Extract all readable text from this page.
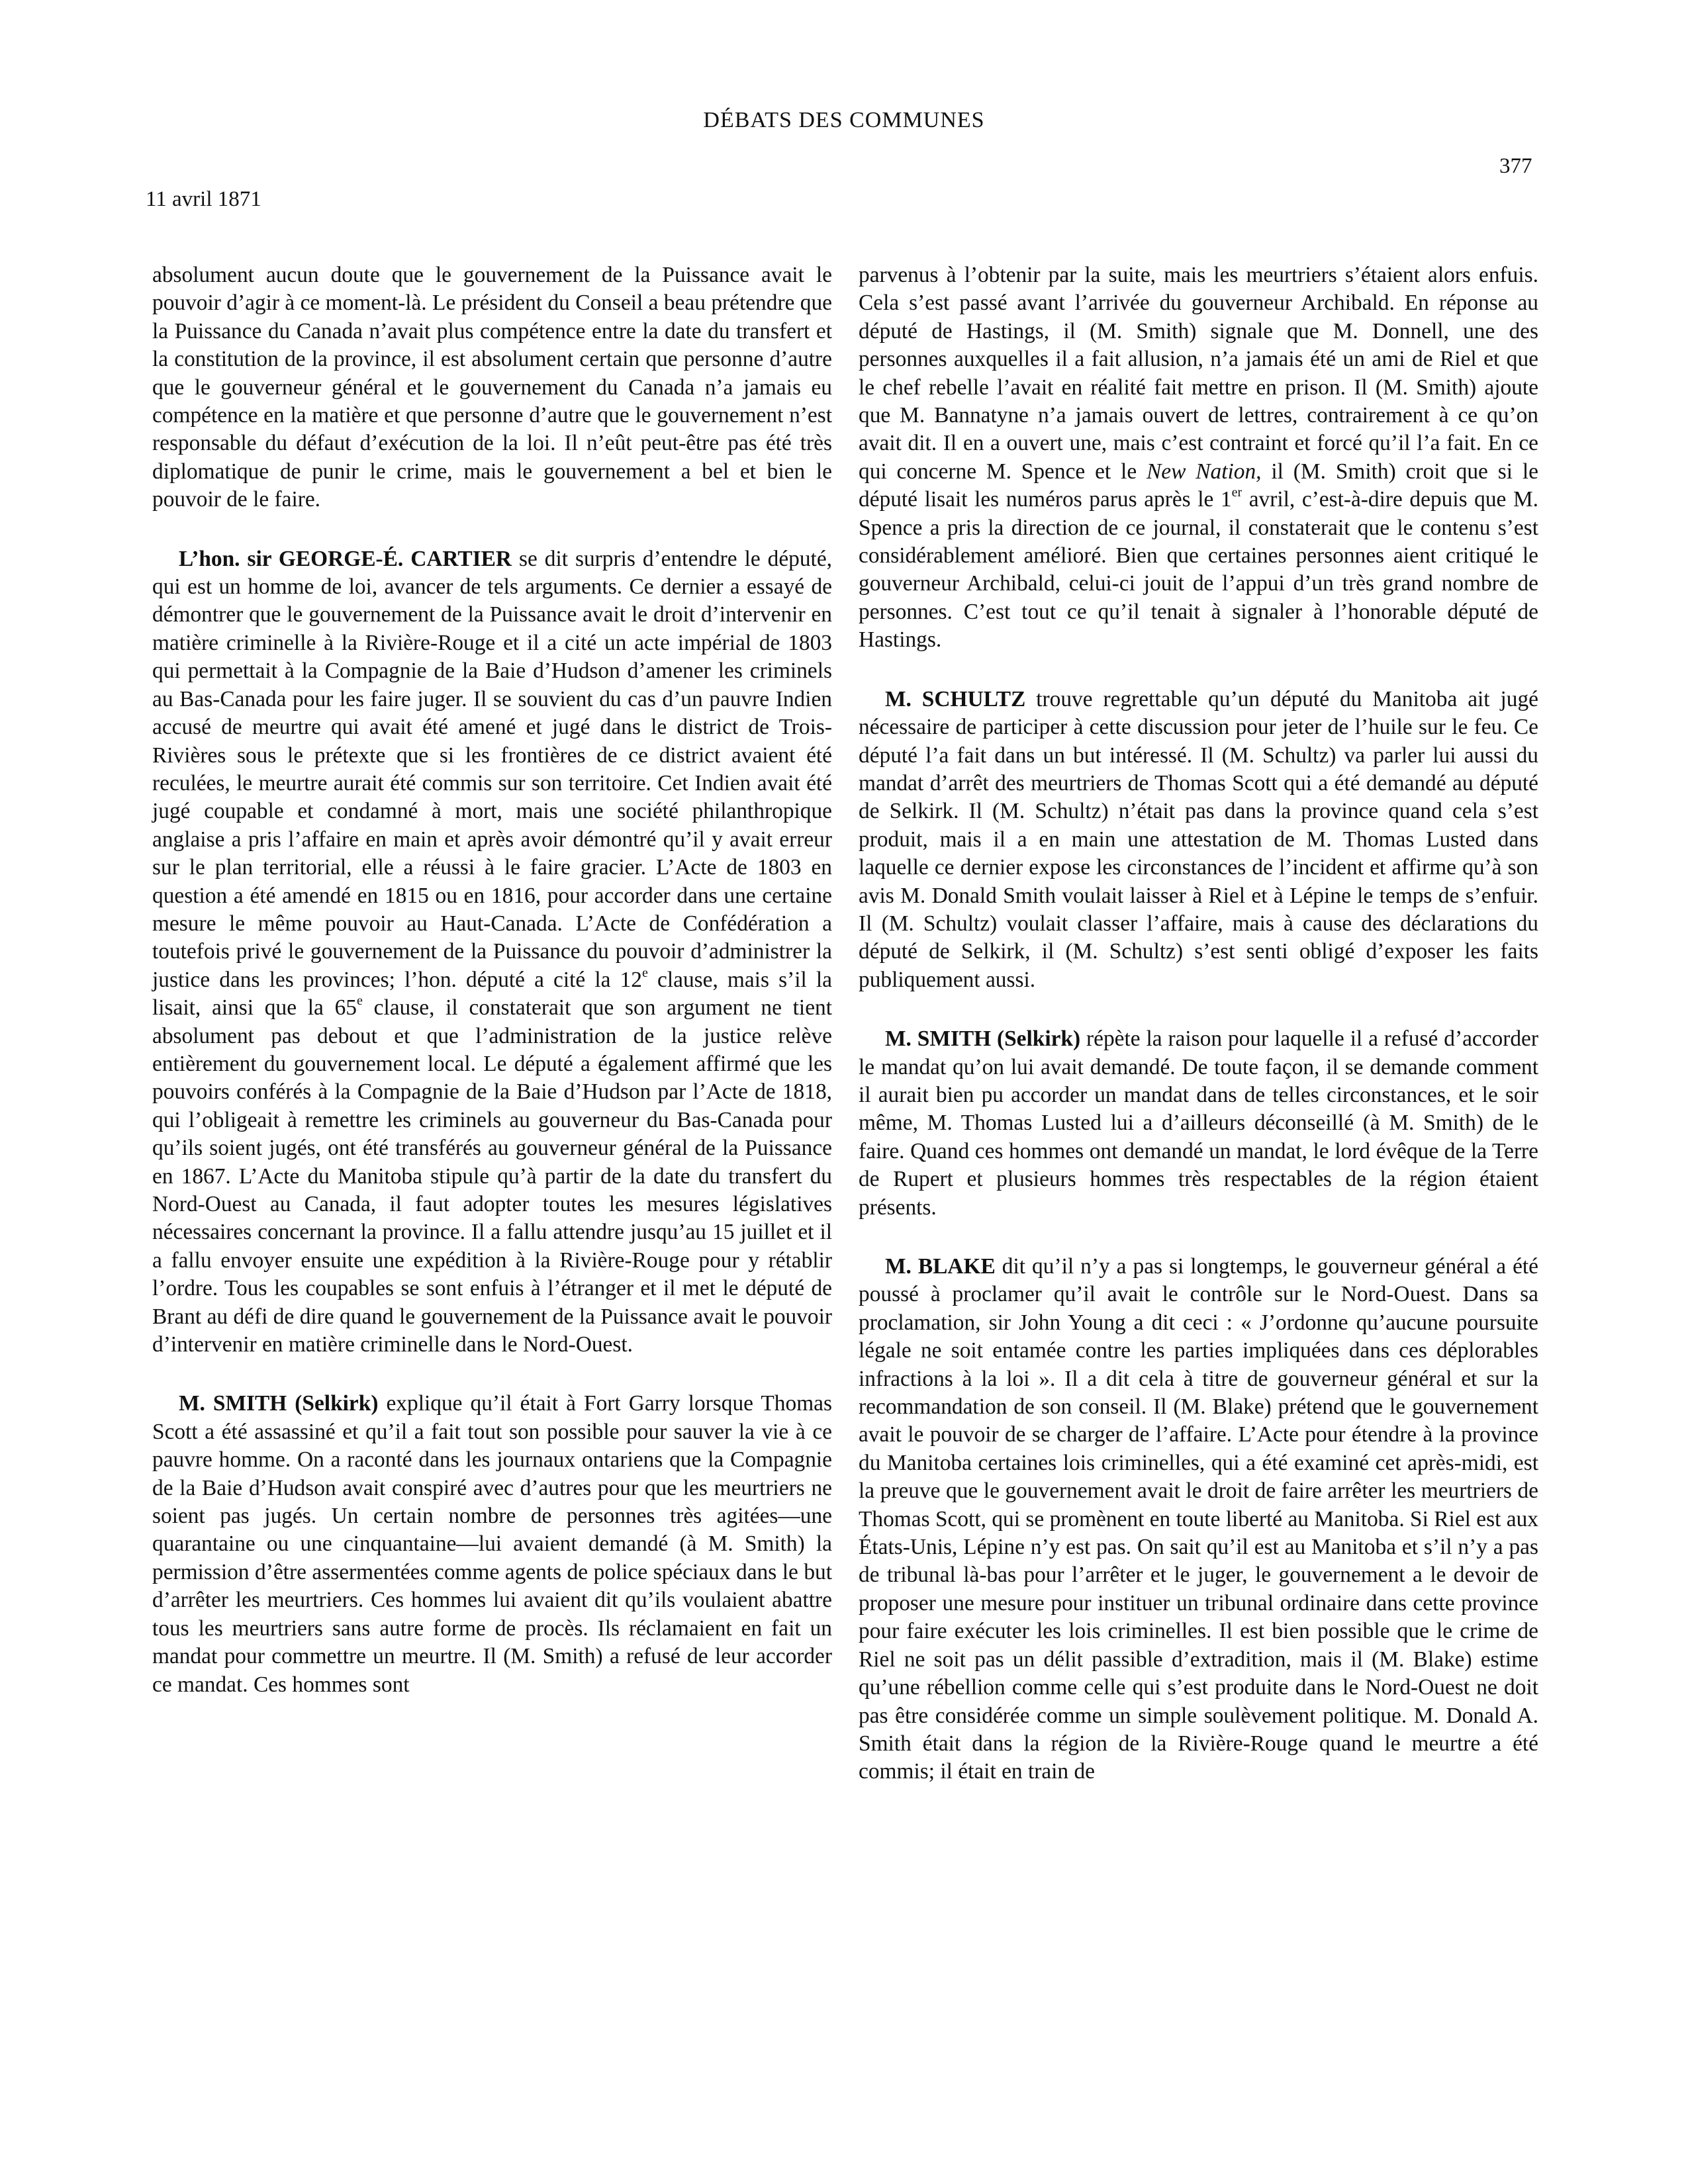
DÉBATS DES COMMUNES
377
11 avril 1871

absolument aucun doute que le gouvernement de la Puissance avait le pouvoir d’agir à ce moment-là. Le président du Conseil a beau prétendre que la Puissance du Canada n’avait plus compétence entre la date du transfert et la constitution de la province, il est absolument certain que personne d’autre que le gouverneur général et le gouvernement du Canada n’a jamais eu compétence en la matière et que personne d’autre que le gouvernement n’est responsable du défaut d’exécution de la loi. Il n’eût peut-être pas été très diplomatique de punir le crime, mais le gouvernement a bel et bien le pouvoir de le faire.

L’hon. sir GEORGE-É. CARTIER se dit surpris d’entendre le député, qui est un homme de loi, avancer de tels arguments. Ce dernier a essayé de démontrer que le gouvernement de la Puissance avait le droit d’intervenir en matière criminelle à la Rivière-Rouge et il a cité un acte impérial de 1803 qui permettait à la Compagnie de la Baie d’Hudson d’amener les criminels au Bas-Canada pour les faire juger. Il se souvient du cas d’un pauvre Indien accusé de meurtre qui avait été amené et jugé dans le district de Trois-Rivières sous le prétexte que si les frontières de ce district avaient été reculées, le meurtre aurait été commis sur son territoire. Cet Indien avait été jugé coupable et condamné à mort, mais une société philanthropique anglaise a pris l’affaire en main et après avoir démontré qu’il y avait erreur sur le plan territorial, elle a réussi à le faire gracier. L’Acte de 1803 en question a été amendé en 1815 ou en 1816, pour accorder dans une certaine mesure le même pouvoir au Haut-Canada. L’Acte de Confédération a toutefois privé le gouvernement de la Puissance du pouvoir d’administrer la justice dans les provinces; l’hon. député a cité la 12e clause, mais s’il la lisait, ainsi que la 65e clause, il constaterait que son argument ne tient absolument pas debout et que l’administration de la justice relève entièrement du gouvernement local. Le député a également affirmé que les pouvoirs conférés à la Compagnie de la Baie d’Hudson par l’Acte de 1818, qui l’obligeait à remettre les criminels au gouverneur du Bas-Canada pour qu’ils soient jugés, ont été transférés au gouverneur général de la Puissance en 1867. L’Acte du Manitoba stipule qu’à partir de la date du transfert du Nord-Ouest au Canada, il faut adopter toutes les mesures législatives nécessaires concernant la province. Il a fallu attendre jusqu’au 15 juillet et il a fallu envoyer ensuite une expédition à la Rivière-Rouge pour y rétablir l’ordre. Tous les coupables se sont enfuis à l’étranger et il met le député de Brant au défi de dire quand le gouvernement de la Puissance avait le pouvoir d’intervenir en matière criminelle dans le Nord-Ouest.

M. SMITH (Selkirk) explique qu’il était à Fort Garry lorsque Thomas Scott a été assassiné et qu’il a fait tout son possible pour sauver la vie à ce pauvre homme. On a raconté dans les journaux ontariens que la Compagnie de la Baie d’Hudson avait conspiré avec d’autres pour que les meurtriers ne soient pas jugés. Un certain nombre de personnes très agitées—une quarantaine ou une cinquantaine—lui avaient demandé (à M. Smith) la permission d’être assermentées comme agents de police spéciaux dans le but d’arrêter les meurtriers. Ces hommes lui avaient dit qu’ils voulaient abattre tous les meurtriers sans autre forme de procès. Ils réclamaient en fait un mandat pour commettre un meurtre. Il (M. Smith) a refusé de leur accorder ce mandat. Ces hommes sont

parvenus à l’obtenir par la suite, mais les meurtriers s’étaient alors enfuis. Cela s’est passé avant l’arrivée du gouverneur Archibald. En réponse au député de Hastings, il (M. Smith) signale que M. Donnell, une des personnes auxquelles il a fait allusion, n’a jamais été un ami de Riel et que le chef rebelle l’avait en réalité fait mettre en prison. Il (M. Smith) ajoute que M. Bannatyne n’a jamais ouvert de lettres, contrairement à ce qu’on avait dit. Il en a ouvert une, mais c’est contraint et forcé qu’il l’a fait. En ce qui concerne M. Spence et le New Nation, il (M. Smith) croit que si le député lisait les numéros parus après le 1er avril, c’est-à-dire depuis que M. Spence a pris la direction de ce journal, il constaterait que le contenu s’est considérablement amélioré. Bien que certaines personnes aient critiqué le gouverneur Archibald, celui-ci jouit de l’appui d’un très grand nombre de personnes. C’est tout ce qu’il tenait à signaler à l’honorable député de Hastings.

M. SCHULTZ trouve regrettable qu’un député du Manitoba ait jugé nécessaire de participer à cette discussion pour jeter de l’huile sur le feu. Ce député l’a fait dans un but intéressé. Il (M. Schultz) va parler lui aussi du mandat d’arrêt des meurtriers de Thomas Scott qui a été demandé au député de Selkirk. Il (M. Schultz) n’était pas dans la province quand cela s’est produit, mais il a en main une attestation de M. Thomas Lusted dans laquelle ce dernier expose les circonstances de l’incident et affirme qu’à son avis M. Donald Smith voulait laisser à Riel et à Lépine le temps de s’enfuir. Il (M. Schultz) voulait classer l’affaire, mais à cause des déclarations du député de Selkirk, il (M. Schultz) s’est senti obligé d’exposer les faits publiquement aussi.

M. SMITH (Selkirk) répète la raison pour laquelle il a refusé d’accorder le mandat qu’on lui avait demandé. De toute façon, il se demande comment il aurait bien pu accorder un mandat dans de telles circonstances, et le soir même, M. Thomas Lusted lui a d’ailleurs déconseillé (à M. Smith) de le faire. Quand ces hommes ont demandé un mandat, le lord évêque de la Terre de Rupert et plusieurs hommes très respectables de la région étaient présents.

M. BLAKE dit qu’il n’y a pas si longtemps, le gouverneur général a été poussé à proclamer qu’il avait le contrôle sur le Nord-Ouest. Dans sa proclamation, sir John Young a dit ceci : « J’ordonne qu’aucune poursuite légale ne soit entamée contre les parties impliquées dans ces déplorables infractions à la loi ». Il a dit cela à titre de gouverneur général et sur la recommandation de son conseil. Il (M. Blake) prétend que le gouvernement avait le pouvoir de se charger de l’affaire. L’Acte pour étendre à la province du Manitoba certaines lois criminelles, qui a été examiné cet après-midi, est la preuve que le gouvernement avait le droit de faire arrêter les meurtriers de Thomas Scott, qui se promènent en toute liberté au Manitoba. Si Riel est aux États-Unis, Lépine n’y est pas. On sait qu’il est au Manitoba et s’il n’y a pas de tribunal là-bas pour l’arrêter et le juger, le gouvernement a le devoir de proposer une mesure pour instituer un tribunal ordinaire dans cette province pour faire exécuter les lois criminelles. Il est bien possible que le crime de Riel ne soit pas un délit passible d’extradition, mais il (M. Blake) estime qu’une rébellion comme celle qui s’est produite dans le Nord-Ouest ne doit pas être considérée comme un simple soulèvement politique. M. Donald A. Smith était dans la région de la Rivière-Rouge quand le meurtre a été commis; il était en train de
